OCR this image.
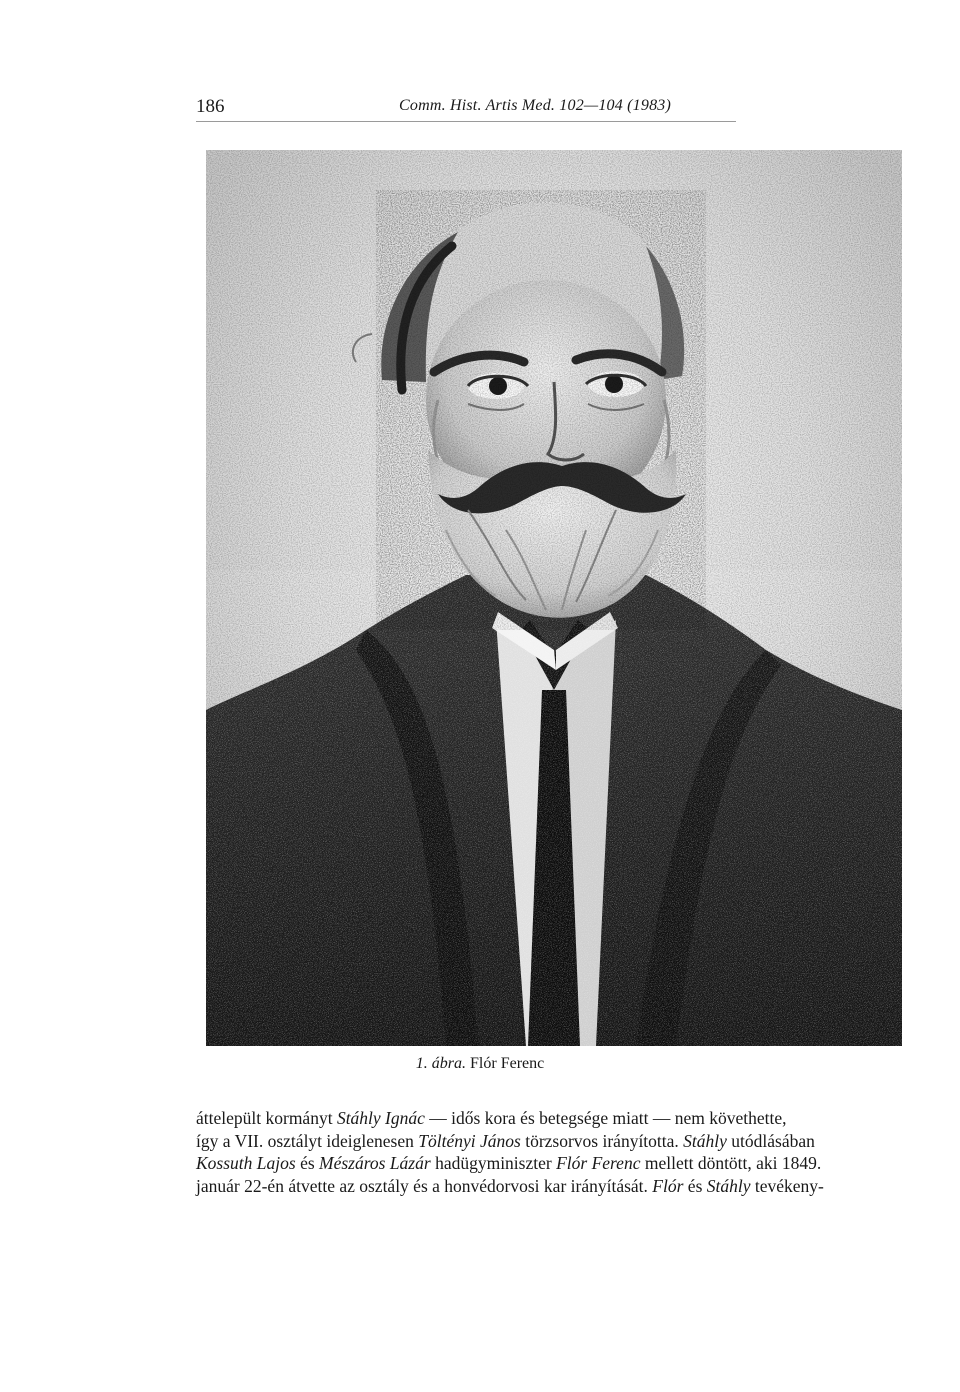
186	Comm. Hist. Artis Med. 102—104 (1983)
1. ábra. Flór Ferenc
áttelepült kormányt Stáhly Ignác — idős kora és betegsége miatt — nem követhette,
így a VII. osztályt ideiglenesen Töltényi János törzsorvos irányította. Stáhly utódlásában
Kossuth Lajos és Mészáros Lázár hadügyminiszter Flór Ferenc mellett döntött, aki 1849.
január 22-én átvette az osztály és a honvédorvosi kar irányítását. Flór és Stáhly tevékeny-
